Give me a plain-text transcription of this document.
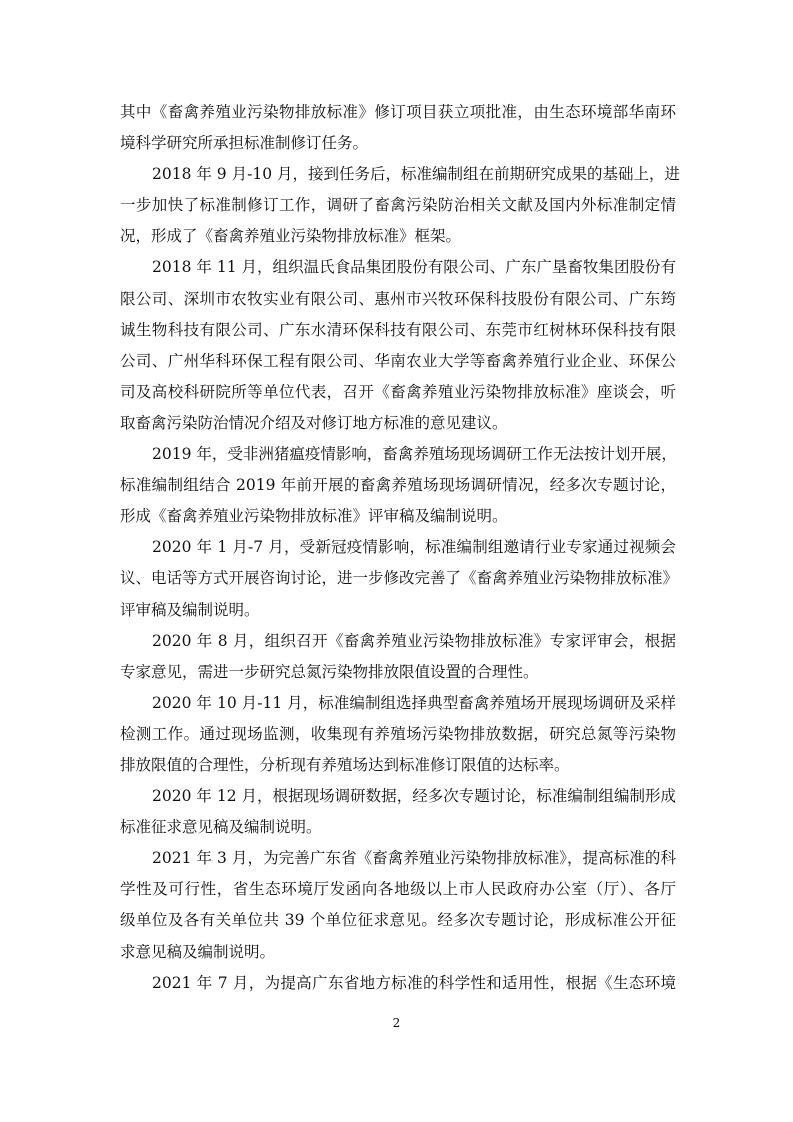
其中《畜禽养殖业污染物排放标准》修订项目获立项批准，由生态环境部华南环
境科学研究所承担标准制修订任务。
2018 年 9 月-10 月，接到任务后，标准编制组在前期研究成果的基础上，进
一步加快了标准制修订工作，调研了畜禽污染防治相关文献及国内外标准制定情
况，形成了《畜禽养殖业污染物排放标准》框架。
2018 年 11 月，组织温氏食品集团股份有限公司、广东广垦畜牧集团股份有
限公司、深圳市农牧实业有限公司、惠州市兴牧环保科技股份有限公司、广东筠
诚生物科技有限公司、广东水清环保科技有限公司、东莞市红树林环保科技有限
公司、广州华科环保工程有限公司、华南农业大学等畜禽养殖行业企业、环保公
司及高校科研院所等单位代表，召开《畜禽养殖业污染物排放标准》座谈会，听
取畜禽污染防治情况介绍及对修订地方标准的意见建议。
2019 年，受非洲猪瘟疫情影响，畜禽养殖场现场调研工作无法按计划开展，
标准编制组结合 2019 年前开展的畜禽养殖场现场调研情况，经多次专题讨论，
形成《畜禽养殖业污染物排放标准》评审稿及编制说明。
2020 年 1 月-7 月，受新冠疫情影响，标准编制组邀请行业专家通过视频会
议、电话等方式开展咨询讨论，进一步修改完善了《畜禽养殖业污染物排放标准》
评审稿及编制说明。
2020 年 8 月，组织召开《畜禽养殖业污染物排放标准》专家评审会，根据
专家意见，需进一步研究总氮污染物排放限值设置的合理性。
2020 年 10 月-11 月，标准编制组选择典型畜禽养殖场开展现场调研及采样
检测工作。通过现场监测，收集现有养殖场污染物排放数据，研究总氮等污染物
排放限值的合理性，分析现有养殖场达到标准修订限值的达标率。
2020 年 12 月，根据现场调研数据，经多次专题讨论，标准编制组编制形成
标准征求意见稿及编制说明。
2021 年 3 月，为完善广东省《畜禽养殖业污染物排放标准》，提高标准的科
学性及可行性，省生态环境厅发函向各地级以上市人民政府办公室（厅）、各厅
级单位及各有关单位共 39 个单位征求意见。经多次专题讨论，形成标准公开征
求意见稿及编制说明。
2021 年 7 月，为提高广东省地方标准的科学性和适用性，根据《生态环境
2
